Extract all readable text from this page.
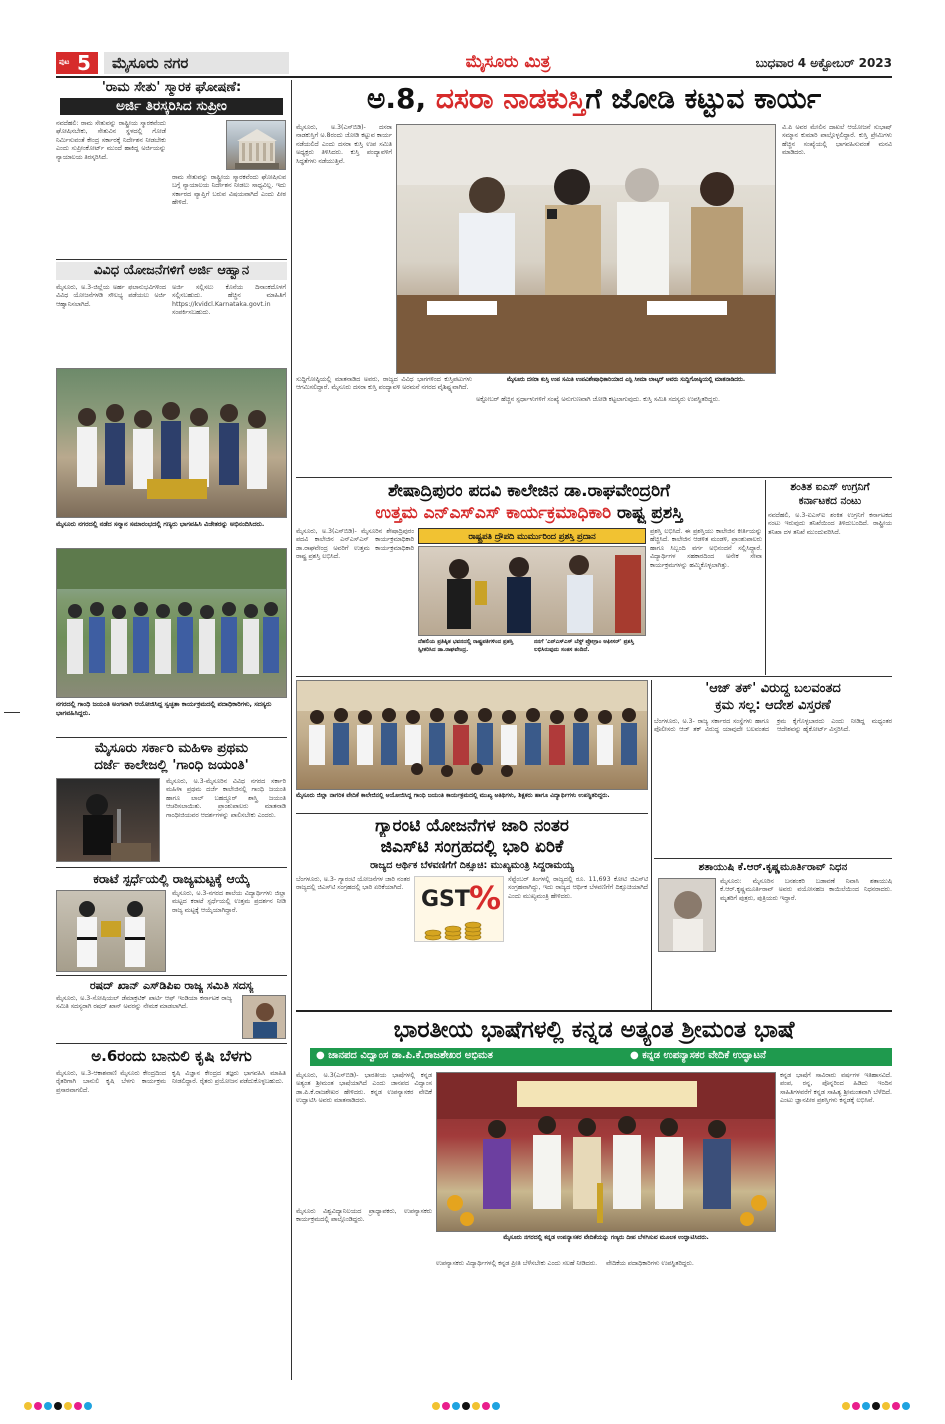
ಪುಟ 5	ಮೈಸೂರು ನಗರ	ಮೈಸೂರು ಮಿತ್ರ	ಬುಧವಾರ 4 ಅಕ್ಟೋಬರ್ 2023
'ರಾಮ ಸೇತು' ಸ್ಮಾರಕ ಘೋಷಣೆ:
ಅರ್ಜಿ ತಿರಸ್ಕರಿಸಿದ ಸುಪ್ರೀಂ
ನವದೆಹಲಿ: ರಾಮ ಸೇತುವನ್ನು ರಾಷ್ಟ್ರೀಯ ಸ್ಮಾರಕವೆಂದು ಘೋಷಿಸಬೇಕು, ಸೇತುವಿನ ಸ್ಥಳದಲ್ಲಿ ಗೋಡೆ ನಿರ್ಮಿಸುವಂತೆ ಕೇಂದ್ರ ಸರ್ಕಾರಕ್ಕೆ ನಿರ್ದೇಶನ ನೀಡಬೇಕು ಎಂದು ಸುಪ್ರೀಂಕೋರ್ಟ್ ಮುಂದೆ ಹಾಕಿದ್ದ ಅರ್ಜಿಯನ್ನು ನ್ಯಾಯಾಲಯ ತಿರಸ್ಕರಿಸಿದೆ.
ರಾಮ ಸೇತುವನ್ನು ರಾಷ್ಟ್ರೀಯ ಸ್ಮಾರಕವೆಂದು ಘೋಷಿಸುವ ಬಗ್ಗೆ ನ್ಯಾಯಾಲಯ ನಿರ್ದೇಶನ ನೀಡಲು ಸಾಧ್ಯವಿಲ್ಲ. ಇದು ಸರ್ಕಾರದ ವ್ಯಾಪ್ತಿಗೆ ಬರುವ ವಿಷಯವಾಗಿದೆ ಎಂದು ಪೀಠ ಹೇಳಿದೆ.
ವಿವಿಧ ಯೋಜನೆಗಳಿಗೆ ಅರ್ಜಿ ಆಹ್ವಾನ
ಮೈಸೂರು, ಅ.3-ಜಿಲ್ಲೆಯ ಅರ್ಹ ಫಲಾನುಭವಿಗಳಿಂದ ವಿವಿಧ ಯೋಜನೆಗಳಡಿ ಸೌಲಭ್ಯ ಪಡೆಯಲು ಅರ್ಜಿ ಆಹ್ವಾನಿಸಲಾಗಿದೆ.
ಅರ್ಜಿ ಸಲ್ಲಿಸಲು ಕೊನೆಯ ದಿನಾಂಕದೊಳಗೆ ಸಲ್ಲಿಸಬಹುದು. ಹೆಚ್ಚಿನ ಮಾಹಿತಿಗೆ https://kvidcl.Karnataka.govt.in ಸಂಪರ್ಕಿಸಬಹುದು.
ಮೈಸೂರು ನಗರದಲ್ಲಿ ನಡೆದ ಸನ್ಮಾನ ಸಮಾರಂಭದಲ್ಲಿ ಗಣ್ಯರು ಭಾಗವಹಿಸಿ ವಿಜೇತರನ್ನು ಅಭಿನಂದಿಸಿದರು.
ನಗರದಲ್ಲಿ ಗಾಂಧಿ ಜಯಂತಿ ಅಂಗವಾಗಿ ಆಯೋಜಿಸಿದ್ದ ಸ್ವಚ್ಛತಾ ಕಾರ್ಯಕ್ರಮದಲ್ಲಿ ಪದಾಧಿಕಾರಿಗಳು, ಸದಸ್ಯರು ಭಾಗವಹಿಸಿದ್ದರು.
ಮೈಸೂರು ಸರ್ಕಾರಿ ಮಹಿಳಾ ಪ್ರಥಮ
ದರ್ಜೆ ಕಾಲೇಜಲ್ಲಿ 'ಗಾಂಧಿ ಜಯಂತಿ'
ಮೈಸೂರು, ಅ.3-ಮೈಸೂರಿನ ವಿವಿಧ ನಗರದ ಸರ್ಕಾರಿ ಮಹಿಳಾ ಪ್ರಥಮ ದರ್ಜೆ ಕಾಲೇಜಿನಲ್ಲಿ ಗಾಂಧಿ ಜಯಂತಿ ಹಾಗೂ ಲಾಲ್ ಬಹದ್ದೂರ್ ಶಾಸ್ತ್ರಿ ಜಯಂತಿ ಆಚರಿಸಲಾಯಿತು. ಪ್ರಾಂಶುಪಾಲರು ಮಾತನಾಡಿ ಗಾಂಧೀಜಿಯವರ ಆದರ್ಶಗಳನ್ನು ಪಾಲಿಸಬೇಕು ಎಂದರು.
ಕರಾಟೆ ಸ್ಪರ್ಧೆಯಲ್ಲಿ ರಾಜ್ಯಮಟ್ಟಕ್ಕೆ ಆಯ್ಕೆ
ಮೈಸೂರು, ಅ.3-ನಗರದ ಶಾಲೆಯ ವಿದ್ಯಾರ್ಥಿಗಳು ಜಿಲ್ಲಾ ಮಟ್ಟದ ಕರಾಟೆ ಸ್ಪರ್ಧೆಯಲ್ಲಿ ಉತ್ತಮ ಪ್ರದರ್ಶನ ನೀಡಿ ರಾಜ್ಯ ಮಟ್ಟಕ್ಕೆ ಆಯ್ಕೆಯಾಗಿದ್ದಾರೆ.
ರಷದ್ ಖಾನ್ ಎಸ್‌ಡಿಪಿಐ ರಾಜ್ಯ ಸಮಿತಿ ಸದಸ್ಯ
ಮೈಸೂರು, ಅ.3-ಸೋಷಿಯಲ್ ಡೆಮಾಕ್ರಟಿಕ್ ಪಾರ್ಟಿ ಆಫ್ ಇಂಡಿಯಾ ಕರ್ನಾಟಕ ರಾಜ್ಯ ಸಮಿತಿ ಸದಸ್ಯರಾಗಿ ರಷದ್ ಖಾನ್ ಅವರನ್ನು ನೇಮಕ ಮಾಡಲಾಗಿದೆ.
ಅ.6ರಂದು ಬಾನುಲಿ ಕೃಷಿ ಬೆಳಗು
ಮೈಸೂರು, ಅ.3-ಆಕಾಶವಾಣಿ ಮೈಸೂರು ಕೇಂದ್ರದಿಂದ ರೈತರಿಗಾಗಿ ಬಾನುಲಿ ಕೃಷಿ ಬೆಳಗು ಕಾರ್ಯಕ್ರಮ ಪ್ರಸಾರವಾಗಲಿದೆ.
ಕೃಷಿ ವಿಜ್ಞಾನ ಕೇಂದ್ರದ ತಜ್ಞರು ಭಾಗವಹಿಸಿ ಮಾಹಿತಿ ನೀಡಲಿದ್ದಾರೆ. ರೈತರು ಪ್ರಯೋಜನ ಪಡೆದುಕೊಳ್ಳಬಹುದು.
ಅ.8, ದಸರಾ ನಾಡಕುಸ್ತಿಗೆ ಜೋಡಿ ಕಟ್ಟುವ ಕಾರ್ಯ
ಮೈಸೂರು, ಅ.3(ಎಸ್‌ಬಿಡಿ)- ದಸರಾ ನಾಡಕುಸ್ತಿಗೆ ಅ.8ರಂದು ಜೋಡಿ ಕಟ್ಟುವ ಕಾರ್ಯ ನಡೆಯಲಿದೆ ಎಂದು ದಸರಾ ಕುಸ್ತಿ ಉಪ ಸಮಿತಿ ಅಧ್ಯಕ್ಷರು ತಿಳಿಸಿದರು. ಕುಸ್ತಿ ಪಂದ್ಯಾವಳಿಗೆ ಸಿದ್ಧತೆಗಳು ನಡೆಯುತ್ತಿವೆ.
ವಿ.ಪಿ ಅವರ ಮೇಲಿನ ದಾಖಲೆ ಆಯೋಜನೆ ಸುಭಾಷ್ ಸಮ್ಮಾನ ಕುಮಾರಿ ಪಾಲ್ಗೊಳ್ಳಲಿದ್ದಾರೆ. ಕುಸ್ತಿ ಪ್ರೇಮಿಗಳು ಹೆಚ್ಚಿನ ಸಂಖ್ಯೆಯಲ್ಲಿ ಭಾಗವಹಿಸುವಂತೆ ಮನವಿ ಮಾಡಿದರು.
ಮೈಸೂರು ದಸರಾ ಕುಸ್ತಿ ಉಪ ಸಮಿತಿ ಉಪವಿಶೇಷಾಧಿಕಾರಿಯಾದ ಎಸ್ಪಿ ಸೀಮಾ ಲಾಟ್ಕರ್ ಅವರು ಸುದ್ದಿಗೋಷ್ಠಿಯಲ್ಲಿ ಮಾತನಾಡಿದರು.
ಸುದ್ದಿಗೋಷ್ಠಿಯಲ್ಲಿ ಮಾತನಾಡಿದ ಅವರು, ರಾಜ್ಯದ ವಿವಿಧ ಭಾಗಗಳಿಂದ ಕುಸ್ತಿಪಟುಗಳು ಆಗಮಿಸಲಿದ್ದಾರೆ. ಮೈಸೂರು ದಸರಾ ಕುಸ್ತಿ ಪಂದ್ಯಾವಳಿ ಅರಮನೆ ನಗರದ ವೈಶಿಷ್ಟ್ಯವಾಗಿದೆ.
ಅಕ್ಟೋಬರ್ ಹೆಚ್ಚಿನ ಸ್ಪರ್ಧಾಳುಗಳಿಗೆ ಸಂಖ್ಯೆ ಅನುಗುಣವಾಗಿ ಜೋಡಿ ಕಟ್ಟಲಾಗುವುದು. ಕುಸ್ತಿ ಸಮಿತಿ ಸದಸ್ಯರು ಉಪಸ್ಥಿತರಿದ್ದರು.
ಶೇಷಾದ್ರಿಪುರಂ ಪದವಿ ಕಾಲೇಜಿನ ಡಾ.ರಾಘವೇಂದ್ರರಿಗೆ
ಉತ್ತಮ ಎನ್‌ಎಸ್‌ಎಸ್ ಕಾರ್ಯಕ್ರಮಾಧಿಕಾರಿ ರಾಷ್ಟ್ರ ಪ್ರಶಸ್ತಿ
ಮೈಸೂರು, ಅ.3(ಎಸ್‌ಬಿಡಿ)- ಮೈಸೂರಿನ ಶೇಷಾದ್ರಿಪುರಂ ಪದವಿ ಕಾಲೇಜಿನ ಎನ್‌ಎಸ್‌ಎಸ್ ಕಾರ್ಯಕ್ರಮಾಧಿಕಾರಿ ಡಾ.ರಾಘವೇಂದ್ರ ಅವರಿಗೆ ಉತ್ತಮ ಕಾರ್ಯಕ್ರಮಾಧಿಕಾರಿ ರಾಷ್ಟ್ರ ಪ್ರಶಸ್ತಿ ಲಭಿಸಿದೆ.
ರಾಷ್ಟ್ರಪತಿ ದ್ರೌಪದಿ ಮುರ್ಮುರಿಂದ ಪ್ರಶಸ್ತಿ ಪ್ರದಾನ
ದೆಹಲಿಯ ಪ್ರತಿಷ್ಠಿತ ಭವನದಲ್ಲಿ ರಾಷ್ಟ್ರಪತಿಗಳಿಂದ ಪ್ರಶಸ್ತಿ ಸ್ವೀಕರಿಸಿದ ಡಾ.ರಾಘವೇಂದ್ರ.
ನನಗೆ 'ಎನ್‌ಎಸ್‌ಎಸ್ ಬೆಸ್ಟ್ ಪ್ರೋಗ್ರಾಂ ಆಫೀಸರ್' ಪ್ರಶಸ್ತಿ ಲಭಿಸಿರುವುದು ಸಂತಸ ತಂದಿದೆ.
ಪ್ರಶಸ್ತಿ ಲಭಿಸಿದೆ. ಈ ಪ್ರಶಸ್ತಿಯು ಕಾಲೇಜಿನ ಕೀರ್ತಿಯನ್ನು ಹೆಚ್ಚಿಸಿದೆ. ಕಾಲೇಜಿನ ಆಡಳಿತ ಮಂಡಳಿ, ಪ್ರಾಂಶುಪಾಲರು ಹಾಗೂ ಸಿಬ್ಬಂದಿ ವರ್ಗ ಅಭಿನಂದನೆ ಸಲ್ಲಿಸಿದ್ದಾರೆ. ವಿದ್ಯಾರ್ಥಿಗಳ ಸಹಕಾರದಿಂದ ಅನೇಕ ಸೇವಾ ಕಾರ್ಯಕ್ರಮಗಳನ್ನು ಹಮ್ಮಿಕೊಳ್ಳಲಾಗಿತ್ತು.
ಶಂತಿತ ಐಎಸ್ ಉಗ್ರನಿಗೆ
ಕರ್ನಾಟಕದ ನಂಟು
ನವದೆಹಲಿ, ಅ.3-ಐಎಸ್‌ಐ ಶಂಕಿತ ಉಗ್ರನಿಗೆ ಕರ್ನಾಟಕದ ನಂಟು ಇರುವುದು ತನಿಖೆಯಿಂದ ತಿಳಿದುಬಂದಿದೆ. ರಾಷ್ಟ್ರೀಯ ತನಿಖಾ ದಳ ತನಿಖೆ ಮುಂದುವರಿಸಿದೆ.
ಮೈಸೂರು ಜಿಲ್ಲಾ ನಾಗರಿಕ ವೇದಿಕೆ ಕಾಲೇಜಿನಲ್ಲಿ ಆಯೋಜಿಸಿದ್ದ ಗಾಂಧಿ ಜಯಂತಿ ಕಾರ್ಯಕ್ರಮದಲ್ಲಿ ಮುಖ್ಯ ಅತಿಥಿಗಳು, ಶಿಕ್ಷಕರು ಹಾಗೂ ವಿದ್ಯಾರ್ಥಿಗಳು ಉಪಸ್ಥಿತರಿದ್ದರು.
ಗ್ಯಾರಂಟಿ ಯೋಜನೆಗಳ ಜಾರಿ ನಂತರ
ಜಿಎಸ್‌ಟಿ ಸಂಗ್ರಹದಲ್ಲಿ ಭಾರಿ ಏರಿಕೆ
ರಾಜ್ಯದ ಆರ್ಥಿಕ ಬೆಳವಣಿಗೆಗೆ ದಿಕ್ಸೂಚಿ: ಮುಖ್ಯಮಂತ್ರಿ ಸಿದ್ದರಾಮಯ್ಯ
GST %
ಬೆಂಗಳೂರು, ಅ.3- ಗ್ಯಾರಂಟಿ ಯೋಜನೆಗಳ ಜಾರಿ ನಂತರ ರಾಜ್ಯದಲ್ಲಿ ಜಿಎಸ್‌ಟಿ ಸಂಗ್ರಹದಲ್ಲಿ ಭಾರಿ ಏರಿಕೆಯಾಗಿದೆ.
ಸೆಪ್ಟೆಂಬರ್ ತಿಂಗಳಲ್ಲಿ ರಾಜ್ಯದಲ್ಲಿ ರೂ. 11,693 ಕೋಟಿ ಜಿಎಸ್‌ಟಿ ಸಂಗ್ರಹವಾಗಿದ್ದು, ಇದು ರಾಜ್ಯದ ಆರ್ಥಿಕ ಬೆಳವಣಿಗೆಗೆ ದಿಕ್ಸೂಚಿಯಾಗಿದೆ ಎಂದು ಮುಖ್ಯಮಂತ್ರಿ ಹೇಳಿದರು.
'ಆಜ್ ತಕ್' ವಿರುದ್ಧ ಬಲವಂತದ
ಕ್ರಮ ಸಲ್ಲ: ಆದೇಶ ವಿಸ್ತರಣೆ
ಬೆಂಗಳೂರು, ಅ.3- ರಾಜ್ಯ ಸರ್ಕಾರದ ಸಂಸ್ಥೆಗಳು ಹಾಗೂ ಪೊಲೀಸರು ಆಜ್ ತಕ್ ವಿರುದ್ಧ ಯಾವುದೇ ಬಲವಂತದ ಕ್ರಮ ಕೈಗೊಳ್ಳಬಾರದು ಎಂದು ನೀಡಿದ್ದ ಮಧ್ಯಂತರ ಆದೇಶವನ್ನು ಹೈಕೋರ್ಟ್ ವಿಸ್ತರಿಸಿದೆ.
ಶತಾಯುಷಿ ಕೆ.ಆರ್.ಕೃಷ್ಣಮೂರ್ತಿರಾವ್ ನಿಧನ
ಮೈಸೂರು: ಮೈಸೂರಿನ ಬನಶಂಕರಿ ಬಡಾವಣೆ ನಿವಾಸಿ ಶತಾಯುಷಿ ಕೆ.ಆರ್.ಕೃಷ್ಣಮೂರ್ತಿರಾವ್ ಅವರು ವಯೋಸಹಜ ಕಾಯಿಲೆಯಿಂದ ನಿಧನರಾದರು. ಮೃತರಿಗೆ ಪುತ್ರರು, ಪುತ್ರಿಯರು ಇದ್ದಾರೆ.
ಭಾರತೀಯ ಭಾಷೆಗಳಲ್ಲಿ ಕನ್ನಡ ಅತ್ಯಂತ ಶ್ರೀಮಂತ ಭಾಷೆ
● ಜಾನಪದ ವಿದ್ವಾಂಸ ಡಾ.ಪಿ.ಕೆ.ರಾಜಶೇಖರ ಅಭಿಮತ	● ಕನ್ನಡ ಉಪನ್ಯಾಸಕರ ವೇದಿಕೆ ಉದ್ಘಾಟನೆ
ಮೈಸೂರು, ಅ.3(ಎಸ್‌ಬಿಡಿ)- ಭಾರತೀಯ ಭಾಷೆಗಳಲ್ಲಿ ಕನ್ನಡ ಅತ್ಯಂತ ಶ್ರೀಮಂತ ಭಾಷೆಯಾಗಿದೆ ಎಂದು ಜಾನಪದ ವಿದ್ವಾಂಸ ಡಾ.ಪಿ.ಕೆ.ರಾಜಶೇಖರ ಹೇಳಿದರು. ಕನ್ನಡ ಉಪನ್ಯಾಸಕರ ವೇದಿಕೆ ಉದ್ಘಾಟಿಸಿ ಅವರು ಮಾತನಾಡಿದರು.
ಕನ್ನಡ ಭಾಷೆಗೆ ಸಾವಿರಾರು ವರ್ಷಗಳ ಇತಿಹಾಸವಿದೆ. ಪಂಪ, ರನ್ನ, ಪೊನ್ನರಿಂದ ಹಿಡಿದು ಇಂದಿನ ಸಾಹಿತಿಗಳವರೆಗೆ ಕನ್ನಡ ಸಾಹಿತ್ಯ ಶ್ರೀಮಂತವಾಗಿ ಬೆಳೆದಿದೆ. ಎಂಟು ಜ್ಞಾನಪೀಠ ಪ್ರಶಸ್ತಿಗಳು ಕನ್ನಡಕ್ಕೆ ಲಭಿಸಿವೆ.
ಮೈಸೂರು ನಗರದಲ್ಲಿ ಕನ್ನಡ ಉಪನ್ಯಾಸಕರ ವೇದಿಕೆಯನ್ನು ಗಣ್ಯರು ದೀಪ ಬೆಳಗಿಸುವ ಮೂಲಕ ಉದ್ಘಾಟಿಸಿದರು.
ಮೈಸೂರು ವಿಶ್ವವಿದ್ಯಾನಿಲಯದ ಪ್ರಾಧ್ಯಾಪಕರು, ಉಪನ್ಯಾಸಕರು ಕಾರ್ಯಕ್ರಮದಲ್ಲಿ ಪಾಲ್ಗೊಂಡಿದ್ದರು.
ಉಪನ್ಯಾಸಕರು ವಿದ್ಯಾರ್ಥಿಗಳಲ್ಲಿ ಕನ್ನಡ ಪ್ರೀತಿ ಬೆಳೆಸಬೇಕು ಎಂದು ಸಲಹೆ ನೀಡಿದರು.	ವೇದಿಕೆಯ ಪದಾಧಿಕಾರಿಗಳು ಉಪಸ್ಥಿತರಿದ್ದರು.
